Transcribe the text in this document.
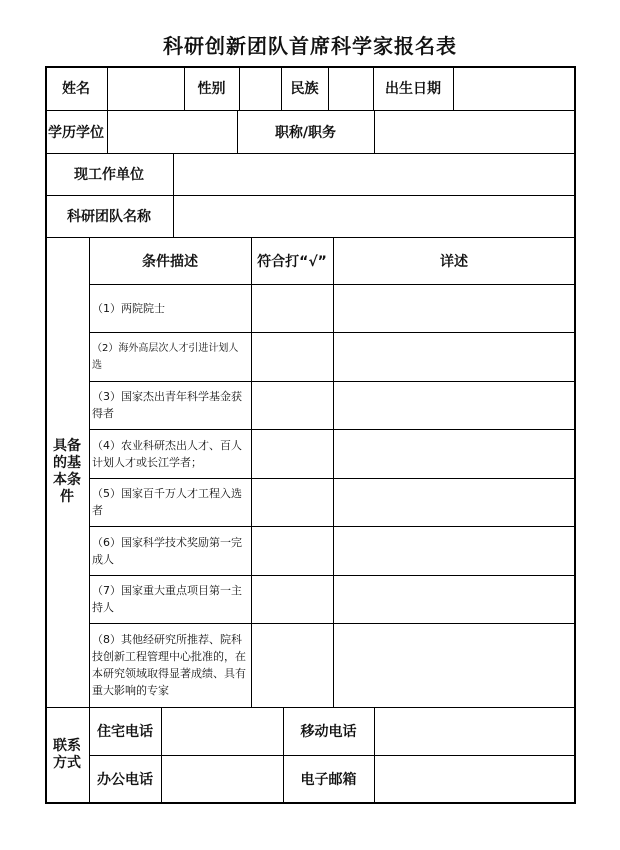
科研创新团队首席科学家报名表
姓名	性别	民族	出生日期
学历学位	职称/职务
现工作单位
科研团队名称
具备的基本条件
条件描述	符合打“√”	详述
（1）两院院士
（2）海外高层次人才引进计划人选
（3）国家杰出青年科学基金获得者
（4）农业科研杰出人才、百人计划人才或长江学者；
（5）国家百千万人才工程入选者
（6）国家科学技术奖励第一完成人
（7）国家重大重点项目第一主持人
（8）其他经研究所推荐、院科技创新工程管理中心批准的，在本研究领域取得显著成绩、具有重大影响的专家
联系方式
住宅电话	移动电话
办公电话	电子邮箱
